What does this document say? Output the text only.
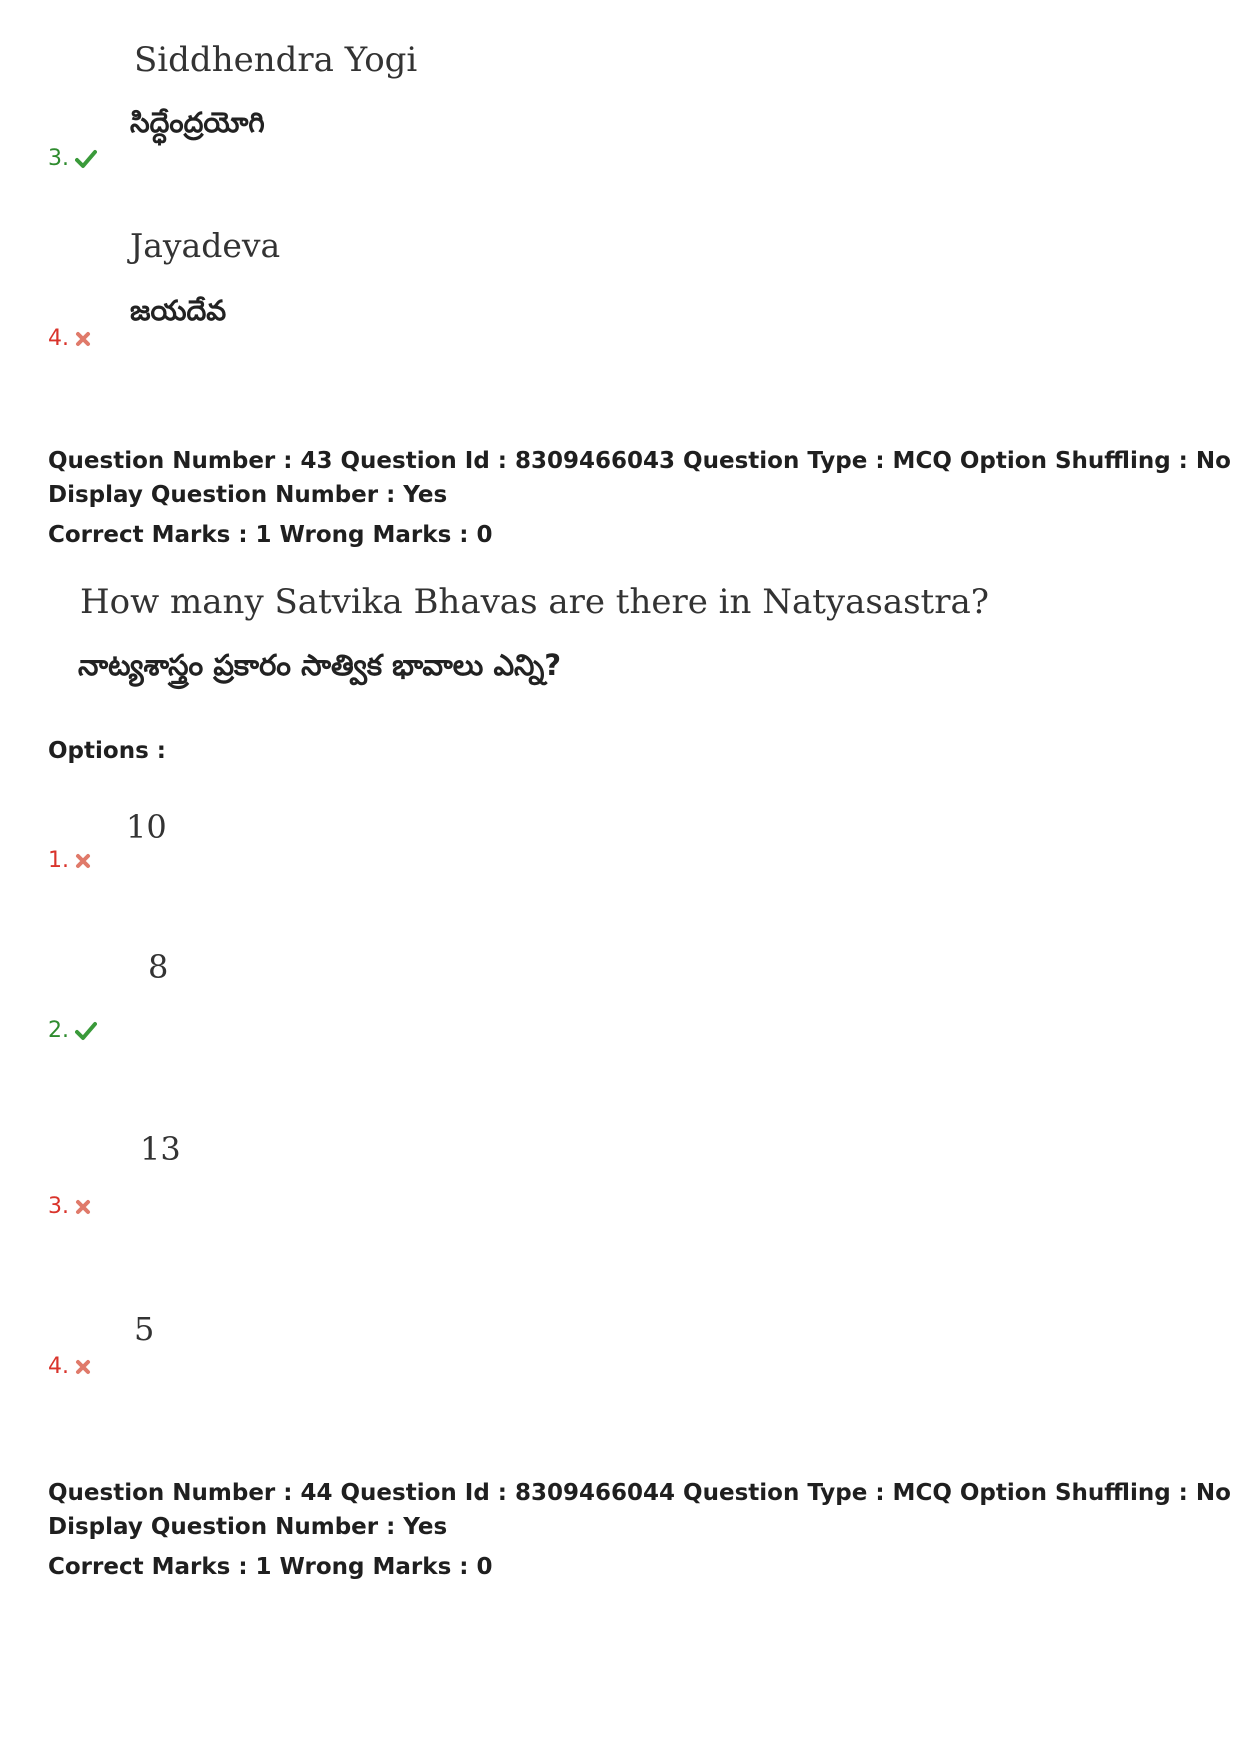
Siddhendra Yogi
సిద్ధేంద్రయోగి
3.
Jayadeva
జయదేవ
4.
Question Number : 43 Question Id : 8309466043 Question Type : MCQ Option Shuffling : No
Display Question Number : Yes
Correct Marks : 1 Wrong Marks : 0
How many Satvika Bhavas are there in Natyasastra?
నాట్యశాస్త్రం ప్రకారం సాత్విక భావాలు ఎన్ని?
Options :
10
1.
8
2.
13
3.
5
4.
Question Number : 44 Question Id : 8309466044 Question Type : MCQ Option Shuffling : No
Display Question Number : Yes
Correct Marks : 1 Wrong Marks : 0
